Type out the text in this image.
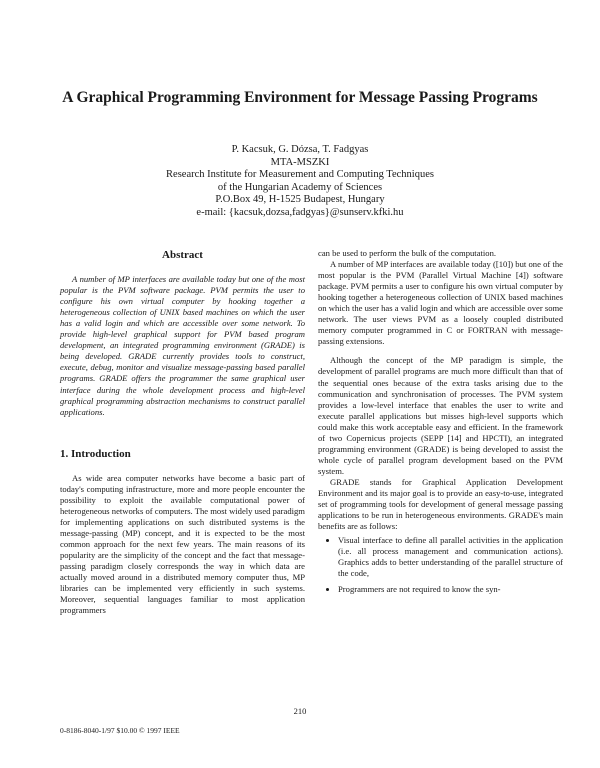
A Graphical Programming Environment for Message Passing Programs
P. Kacsuk, G. Dózsa, T. Fadgyas
MTA-MSZKI
Research Institute for Measurement and Computing Techniques
of the Hungarian Academy of Sciences
P.O.Box 49, H-1525 Budapest, Hungary
e-mail: {kacsuk,dozsa,fadgyas}@sunserv.kfki.hu
Abstract

A number of MP interfaces are available today but one of the most popular is the PVM software package. PVM permits the user to configure his own virtual computer by hooking together a heterogeneous collection of UNIX based machines on which the user has a valid login and which are accessible over some network. To provide high-level graphical support for PVM based program development, an integrated programming environment (GRADE) is being developed. GRADE currently provides tools to construct, execute, debug, monitor and visualize message-passing based parallel programs. GRADE offers the programmer the same graphical user interface during the whole development process and high-level graphical programming abstraction mechanisms to construct parallel applications.

1. Introduction

As wide area computer networks have become a basic part of today's computing infrastructure, more and more people encounter the possibility to exploit the available computational power of heterogeneous networks of computers. The most widely used paradigm for implementing applications on such distributed systems is the message-passing (MP) concept, and it is expected to be the most common approach for the next few years. The main reasons of its popularity are the simplicity of the concept and the fact that message-passing paradigm closely corresponds the way in which data are actually moved around in a distributed memory computer thus, MP libraries can be implemented very efficiently in such systems. Moreover, sequential languages familiar to most application programmers

can be used to perform the bulk of the computation.

A number of MP interfaces are available today ([10]) but one of the most popular is the PVM (Parallel Virtual Machine [4]) software package. PVM permits a user to configure his own virtual computer by hooking together a heterogeneous collection of UNIX based machines on which the user has a valid login and which are accessible over some network. The user views PVM as a loosely coupled distributed memory computer programmed in C or FORTRAN with message-passing extensions.

Although the concept of the MP paradigm is simple, the development of parallel programs are much more difficult than that of the sequential ones because of the extra tasks arising due to the communication and synchronisation of processes. The PVM system provides a low-level interface that enables the user to write and execute parallel applications but misses high-level supports which could make this work acceptable easy and efficient. In the framework of two Copernicus projects (SEPP [14] and HPCTI), an integrated programming environment (GRADE) is being developed to assist the whole cycle of parallel program development based on the PVM system.

GRADE stands for Graphical Application Development Environment and its major goal is to provide an easy-to-use, integrated set of programming tools for development of general message passing applications to be run in heterogeneous environments. GRADE's main benefits are as follows:

• Visual interface to define all parallel activities in the application (i.e. all process management and communication actions). Graphics adds to better understanding of the parallel structure of the code,
• Programmers are not required to know the syn-
210
0-8186-8040-1/97 $10.00 © 1997 IEEE
